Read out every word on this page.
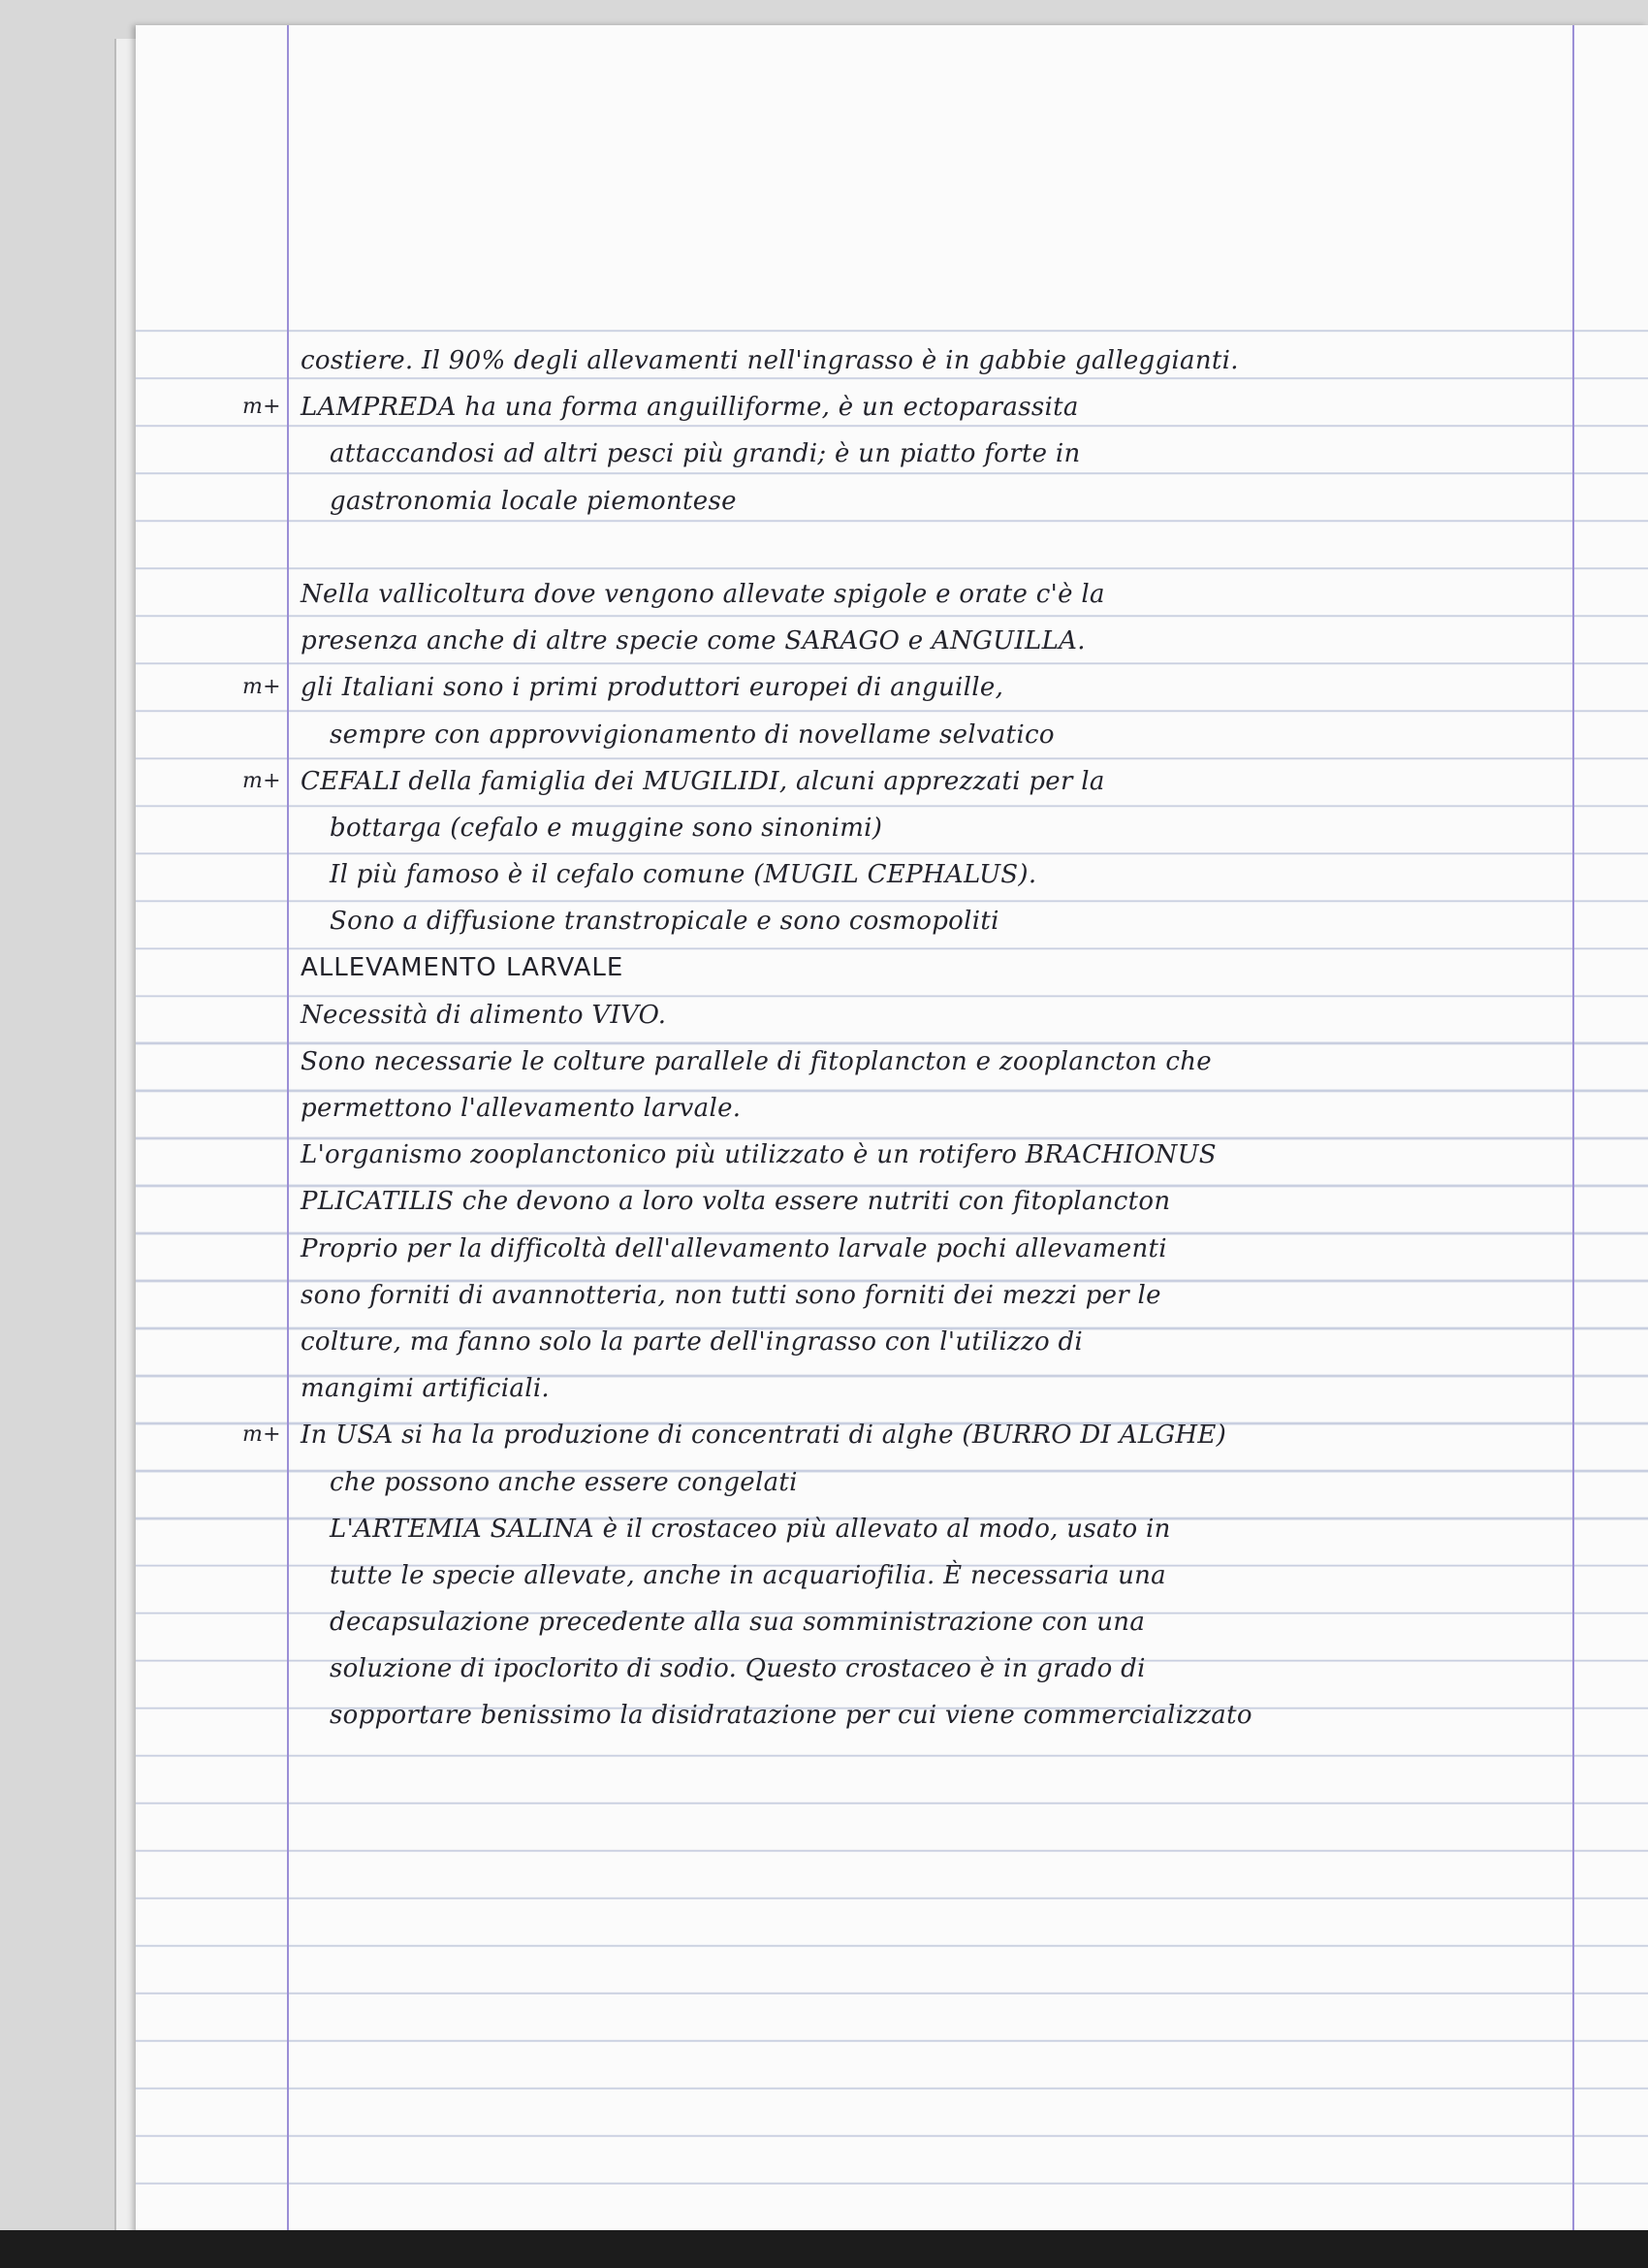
costiere. Il 90% degli allevamenti nell'ingrasso è in gabbie galleggianti.
m+ LAMPREDA ha una forma anguilliforme, è un ectoparassita
attaccandosi ad altri pesci più grandi; è un piatto forte in
gastronomia locale piemontese
Nella vallicoltura dove vengono allevate spigole e orate c'è la
presenza anche di altre specie come SARAGO e ANGUILLA.
m+ gli Italiani sono i primi produttori europei di anguille,
sempre con approvvigionamento di novellame selvatico
m+ CEFALI della famiglia dei MUGILIDI, alcuni apprezzati per la
bottarga (cefalo e muggine sono sinonimi)
Il più famoso è il cefalo comune (MUGIL CEPHALUS).
Sono a diffusione transtropicale e sono cosmopoliti
ALLEVAMENTO LARVALE
Necessità di alimento VIVO.
Sono necessarie le colture parallele di fitoplancton e zooplancton che
permettono l'allevamento larvale.
L'organismo zooplanctonico più utilizzato è un rotifero BRACHIONUS
PLICATILIS che devono a loro volta essere nutriti con fitoplancton
Proprio per la difficoltà dell'allevamento larvale pochi allevamenti
sono forniti di avannotteria, non tutti sono forniti dei mezzi per le
colture, ma fanno solo la parte dell'ingrasso con l'utilizzo di
mangimi artificiali.
m+ In USA si ha la produzione di concentrati di alghe (BURRO DI ALGHE)
che possono anche essere congelati
L'ARTEMIA SALINA è il crostaceo più allevato al modo, usato in
tutte le specie allevate, anche in acquariofilia. È necessaria una
decapsulazione precedente alla sua somministrazione con una
soluzione di ipoclorito di sodio. Questo crostaceo è in grado di
sopportare benissimo la disidratazione per cui viene commercializzato
